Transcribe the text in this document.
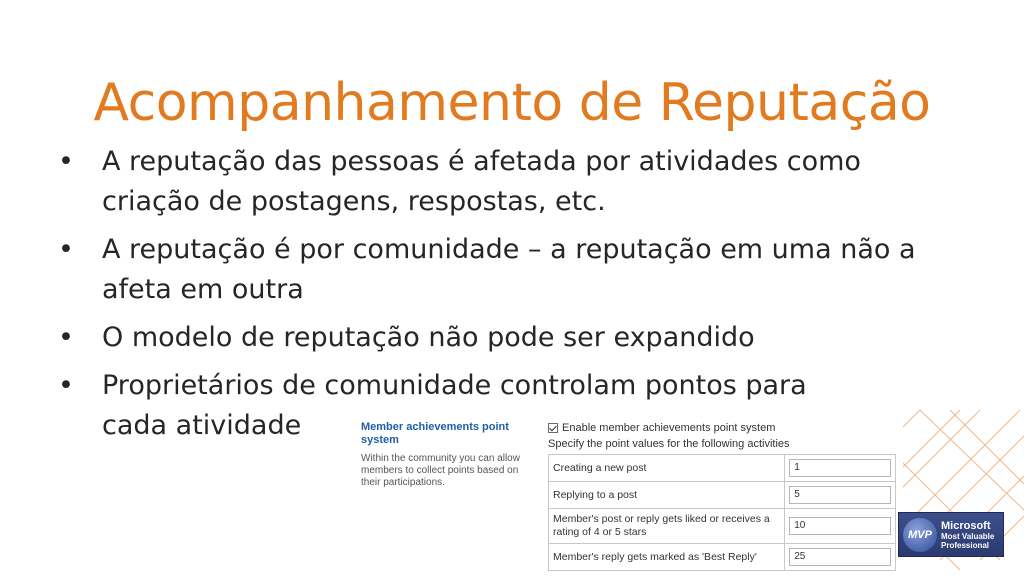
Acompanhamento de Reputação
• A reputação das pessoas é afetada por atividades como criação de postagens, respostas, etc.
• A reputação é por comunidade – a reputação em uma não a afeta em outra
• O modelo de reputação não pode ser expandido
• Proprietários de comunidade controlam pontos para cada atividade	Member achievements point system
Within the community you can allow members to collect points based on their participations.
Enable member achievements point system
Specify the point values for the following activities
Creating a new post	1

Replying to a post	5

Member's post or reply gets liked or receives a rating of 4 or 5 stars	10

Member's reply gets marked as 'Best Reply'	25
MVP
Microsoft
Most Valuable
Professional
